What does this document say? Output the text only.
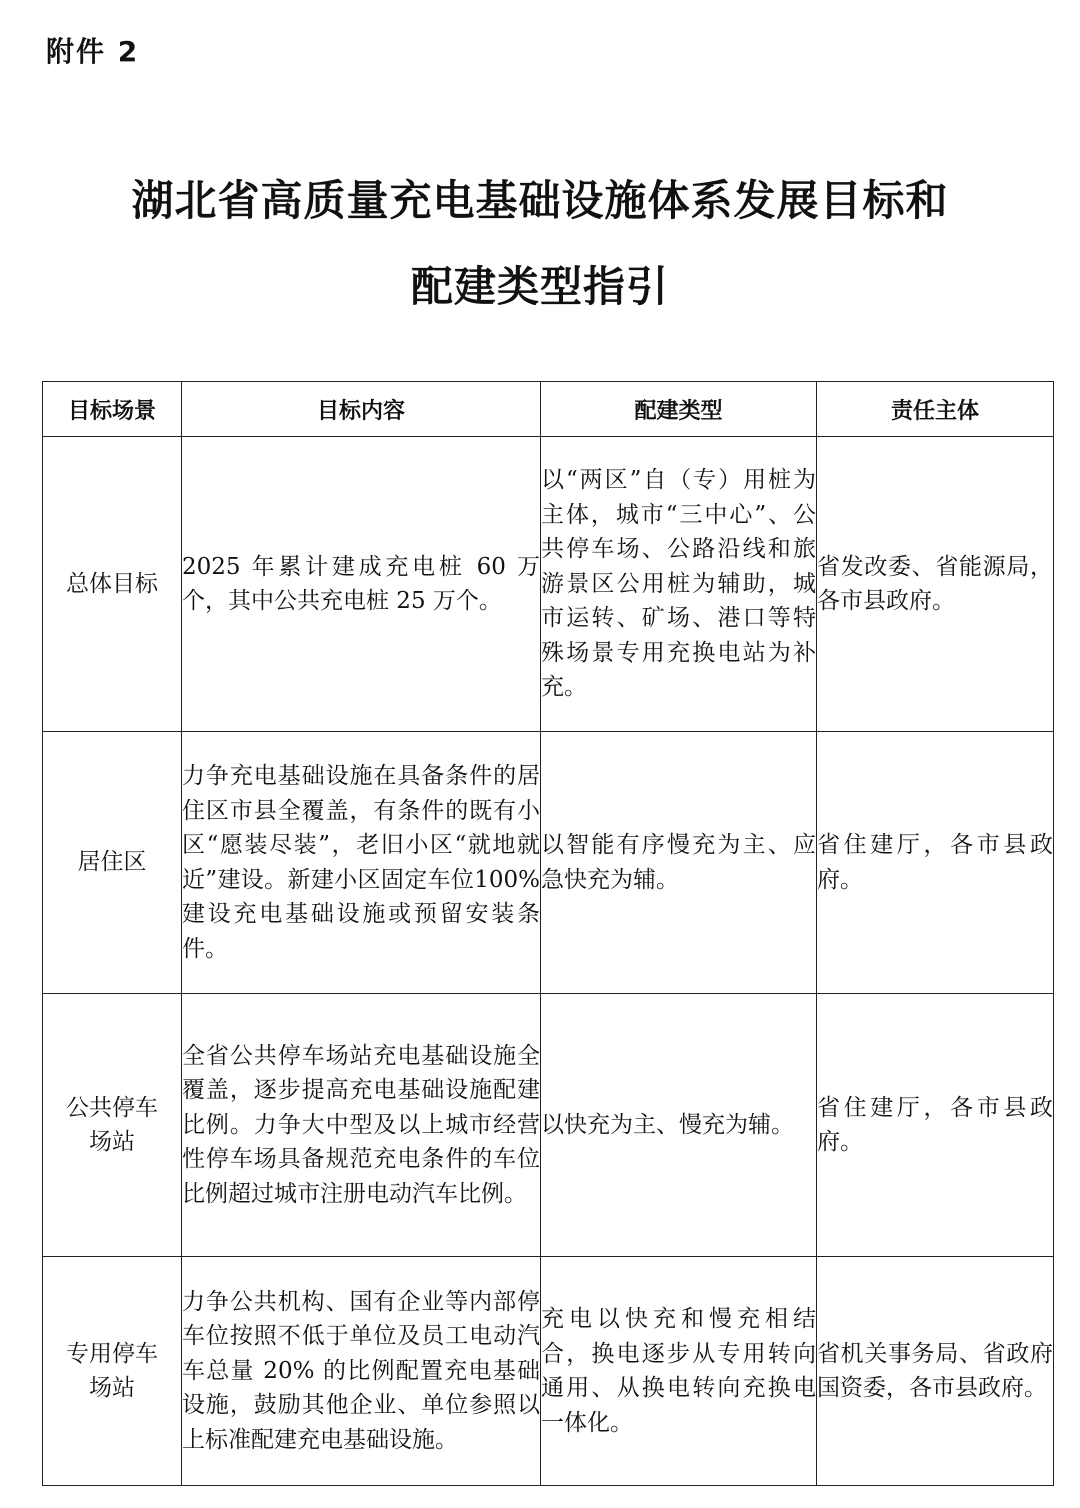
附件 2
湖北省高质量充电基础设施体系发展目标和
配建类型指引
目标场景	目标内容	配建类型	责任主体
总体目标	2025 年累计建成充电桩 60 万个，其中公共充电桩 25 万个。	以“两区”自（专）用桩为主体，城市“三中心”、公共停车场、公路沿线和旅游景区公用桩为辅助，城市运转、矿场、港口等特殊场景专用充换电站为补充。	省发改委、省能源局，各市县政府。
居住区	力争充电基础设施在具备条件的居住区市县全覆盖，有条件的既有小区“愿装尽装”，老旧小区“就地就近”建设。新建小区固定车位100%建设充电基础设施或预留安装条件。	以智能有序慢充为主、应急快充为辅。	省住建厅，各市县政府。
公共停车场站	全省公共停车场站充电基础设施全覆盖，逐步提高充电基础设施配建比例。力争大中型及以上城市经营性停车场具备规范充电条件的车位比例超过城市注册电动汽车比例。	以快充为主、慢充为辅。	省住建厅，各市县政府。
专用停车场站	力争公共机构、国有企业等内部停车位按照不低于单位及员工电动汽车总量 20% 的比例配置充电基础设施，鼓励其他企业、单位参照以上标准配建充电基础设施。	充电以快充和慢充相结合，换电逐步从专用转向通用、从换电转向充换电一体化。	省机关事务局、省政府国资委，各市县政府。
